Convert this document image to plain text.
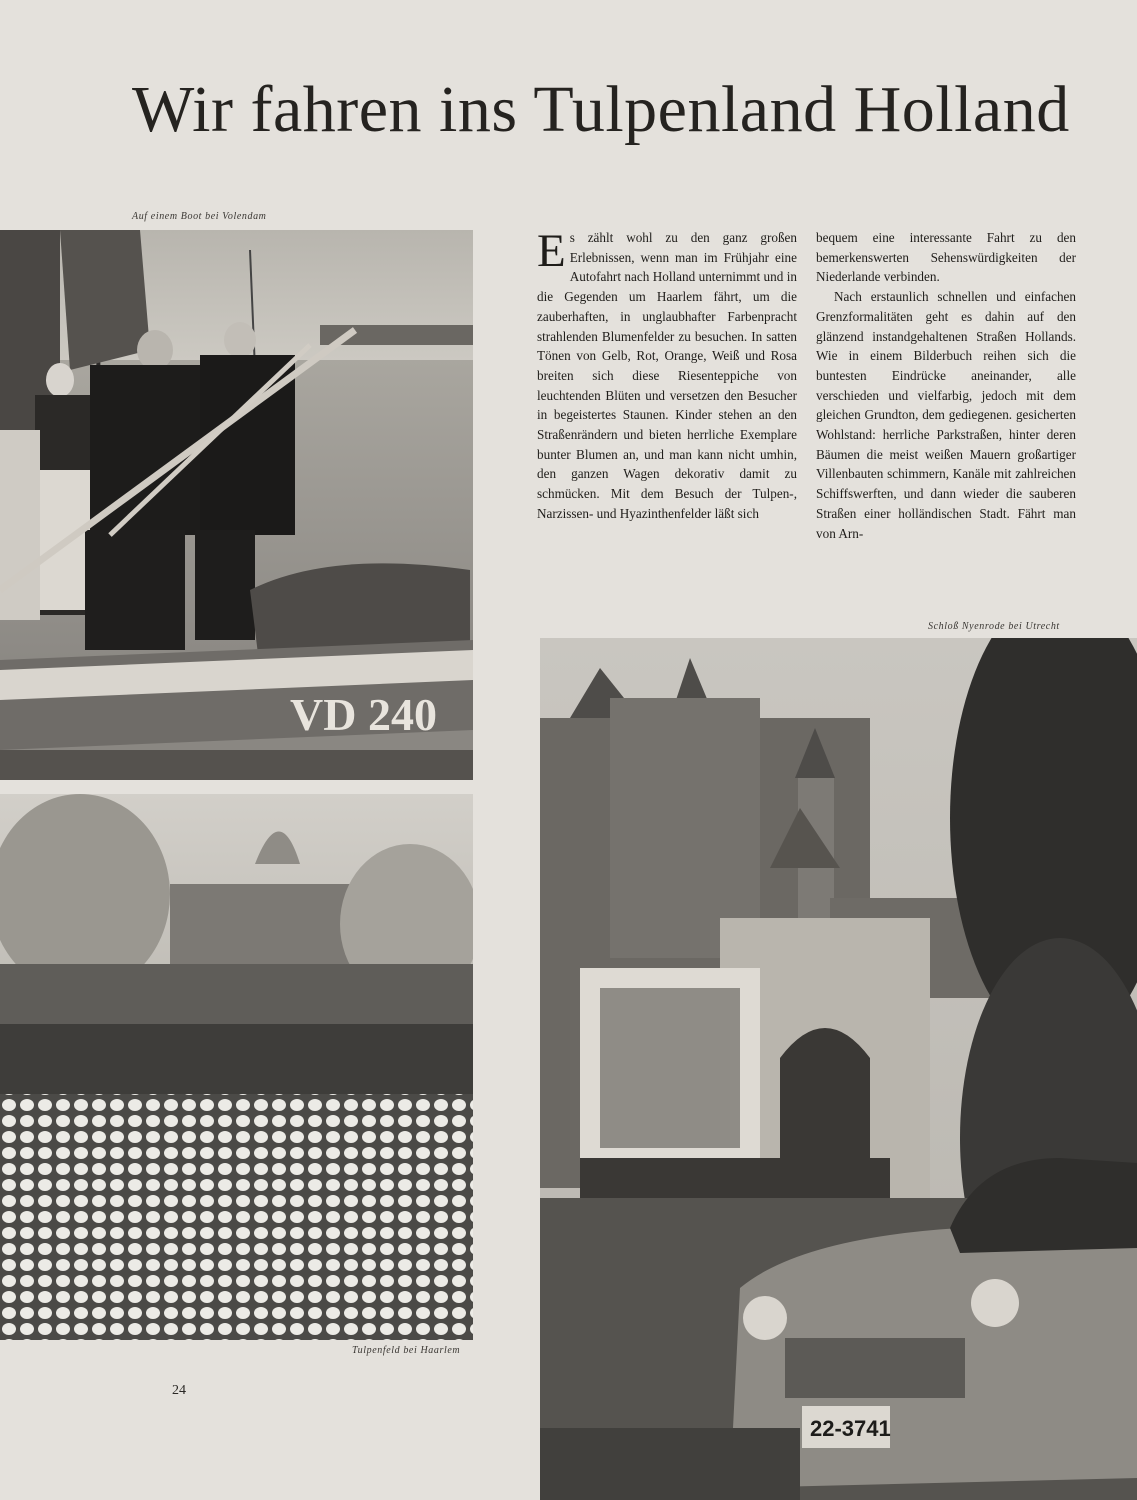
Wir fahren ins Tulpenland Holland
Auf einem Boot bei Volendam
VD 240
Tulpenfeld bei Haarlem
24

Es zählt wohl zu den ganz großen Erlebnissen, wenn man im Frühjahr eine Autofahrt nach Holland unternimmt und in die Gegenden um Haarlem fährt, um die zauberhaften, in unglaubhafter Farbenpracht strahlenden Blumenfelder zu besuchen. In satten Tönen von Gelb, Rot, Orange, Weiß und Rosa breiten sich diese Riesenteppiche von leuchtenden Blüten und versetzen den Besucher in begeistertes Staunen. Kinder stehen an den Straßenrändern und bieten herrliche Exemplare bunter Blumen an, und man kann nicht umhin, den ganzen Wagen dekorativ damit zu schmücken. Mit dem Besuch der Tulpen-, Narzissen- und Hyazinthenfelder läßt sich

bequem eine interessante Fahrt zu den bemerkenswerten Sehenswürdigkeiten der Niederlande verbinden.

Nach erstaunlich schnellen und einfachen Grenzformalitäten geht es dahin auf den glänzend instandgehaltenen Straßen Hollands. Wie in einem Bilderbuch reihen sich die buntesten Eindrücke aneinander, alle verschieden und vielfarbig, jedoch mit dem gleichen Grundton, dem gediegenen. gesicherten Wohlstand: herrliche Parkstraßen, hinter deren Bäumen die meist weißen Mauern großartiger Villenbauten schimmern, Kanäle mit zahlreichen Schiffswerften, und dann wieder die sauberen Straßen einer holländischen Stadt. Fährt man von Arn-

Schloß Nyenrode bei Utrecht
22-3741
